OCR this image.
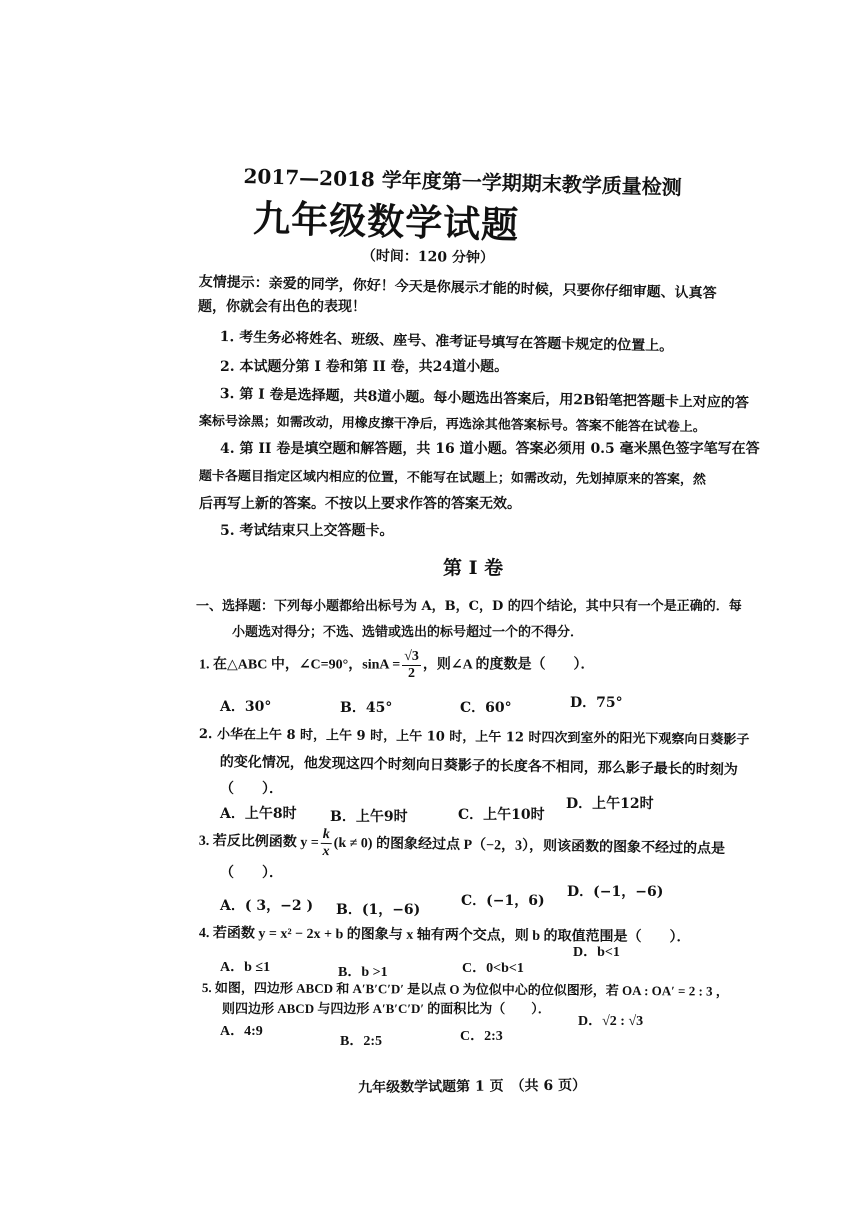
2017—2018 学年度第一学期期末教学质量检测
九年级数学试题
（时间：120 分钟）
友情提示：亲爱的同学，你好！今天是你展示才能的时候，只要你仔细审题、认真答
题，你就会有出色的表现！
1. 考生务必将姓名、班级、座号、准考证号填写在答题卡规定的位置上。
2. 本试题分第 I 卷和第 II 卷，共24道小题。
3. 第 I 卷是选择题，共8道小题。每小题选出答案后，用2B铅笔把答题卡上对应的答
案标号涂黑；如需改动，用橡皮擦干净后，再选涂其他答案标号。答案不能答在试卷上。
4. 第 II 卷是填空题和解答题，共 16 道小题。答案必须用 0.5 毫米黑色签字笔写在答
题卡各题目指定区域内相应的位置，不能写在试题上；如需改动，先划掉原来的答案，然
后再写上新的答案。不按以上要求作答的答案无效。
5. 考试结束只上交答题卡。
第 I 卷
一、选择题：下列每小题都给出标号为 A，B，C，D 的四个结论，其中只有一个是正确的．每
小题选对得分；不选、选错或选出的标号超过一个的不得分．
1. 在△ABC 中，∠C=90°，$\sin A = \frac{√3}{2}$ ，则∠A 的度数是（　　）．
A．30°	B．45°	C．60°	D．75°
2. 小华在上午 8 时，上午 9 时，上午 10 时，上午 12 时四次到室外的阳光下观察向日葵影子
的变化情况，他发现这四个时刻向日葵影子的长度各不相同，那么影子最长的时刻为
（　　）．
A．上午8时 B．上午9时	C．上午10时
D．上午12时
3. 若反比例函数 $y = \frac{k}{x} (k \ne 0)$ 的图象经过点 P（−2，3），则该函数的图象不经过的点是
（　　）．
A．( 3，−2 ) B．(1，−6)
C．(−1，6)
D．(−1，−6)
4. 若函数 y = x² − 2x + b 的图象与 x 轴有两个交点，则 b 的取值范围是（　　）．
A．b ≤1	B．b >1	C．0<b<1
D．b<1
5. 如图，四边形 ABCD 和 A′B′C′D′ 是以点 O 为位似中心的位似图形，若 OA : OA′ = 2 : 3 ，
则四边形 ABCD 与四边形 A′B′C′D′ 的面积比为（　　）．
A．4:9
B．2:5	C．2:3
D．√2 : √3
九年级数学试题第 1 页　（共 6 页）
